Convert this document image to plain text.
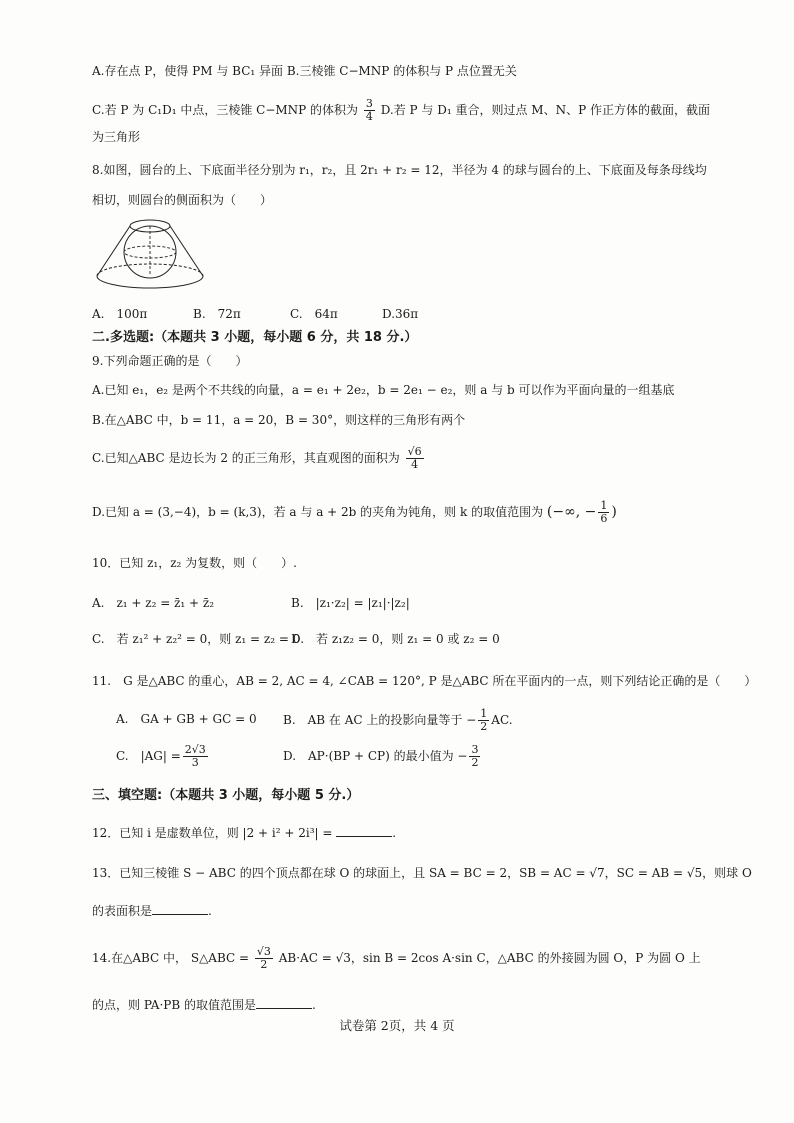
A.存在点 P，使得 PM 与 BC₁ 异面 B.三棱锥 C−MNP 的体积与 P 点位置无关
C.若 P 为 C₁D₁ 中点，三棱锥 C−MNP 的体积为 $\frac{3}{4} D$.若 P 与 D₁ 重合，则过点 M、N、P 作正方体的截面，截面
为三角形
8.如图，圆台的上、下底面半径分别为 r₁，r₂，且 2r₁ + r₂ = 12，半径为 4 的球与圆台的上、下底面及每条母线均
相切，则圆台的侧面积为（　　）
A.　100π	B.　72π	C.　64π	D.36π
二.多选题:（本题共 3 小题，每小题 6 分，共 18 分.）
9.下列命题正确的是（　　）
A.已知 e₁，e₂ 是两个不共线的向量，a = e₁ + 2e₂，b = 2e₁ − e₂，则 a 与 b 可以作为平面向量的一组基底
B.在△ABC 中，b = 11，a = 20，B = 30°，则这样的三角形有两个
C.已知△ABC 是边长为 2 的正三角形，其直观图的面积为 $\frac{√6}{4}$
D.已知 a = (3,−4)，b = (k,3)，若 a 与 a + 2b 的夹角为钝角，则 k 的取值范围为 (−∞, − $\frac{1}{6}$ )
10．已知 z₁，z₂ 为复数，则（　　）.
A.　z₁ + z₂ = z̄₁ + z̄₂	B.　|z₁·z₂| = |z₁|·|z₂|
C.　若 z₁² + z₂² = 0，则 z₁ = z₂ = 0
D.　若 z₁z₂ = 0，则 z₁ = 0 或 z₂ = 0
11.　G 是△ABC 的重心，AB = 2, AC = 4, ∠CAB = 120°, P 是△ABC 所在平面内的一点，则下列结论正确的是（　　）
A.　GA + GB + GC = 0 B.　AB 在 AC 上的投影向量等于 − $\frac{1}{2}$ AC.
C.　$|AG| = \frac{2√3}{3}$	D.　AP·(BP + CP) 的最小值为 − $\frac{3}{2}$
三、填空题:（本题共 3 小题，每小题 5 分.）
12．已知 i 是虚数单位，则 |2 + i² + 2i³| =	.
13．已知三棱锥 S − ABC 的四个顶点都在球 O 的球面上，且 SA = BC = 2，SB = AC = √7，SC = AB = √5，则球 O
的表面积是	.
14.在△ABC 中， S△ABC = $\frac{√3}{2} AB\cdot AC = √3$，sin B = 2cos A·sin C，△ABC 的外接圆为圆 O，P 为圆 O 上
的点，则 PA·PB 的取值范围是	.
试卷第 2页，共 4 页
